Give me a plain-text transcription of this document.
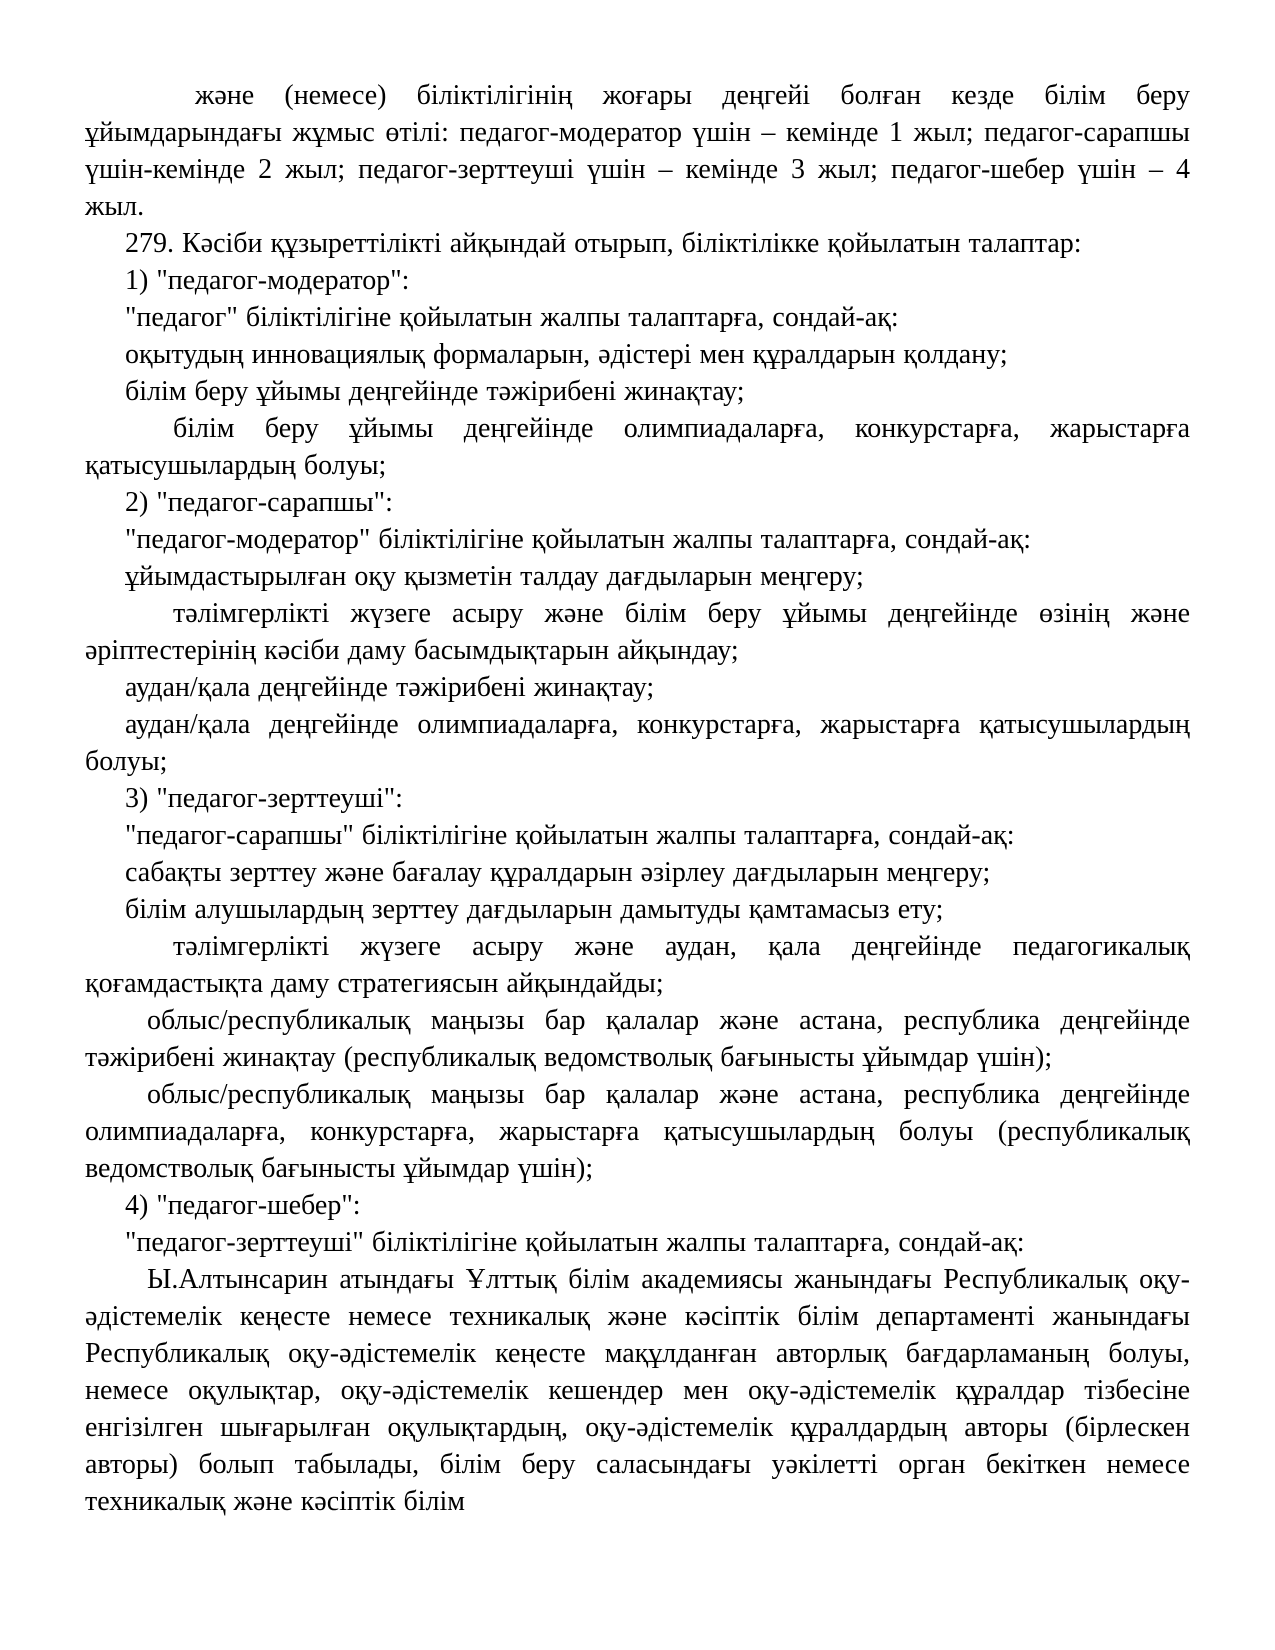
және (немесе) біліктілігінің жоғары деңгейі болған кезде білім беру ұйымдарындағы жұмыс өтілі: педагог-модератор үшін – кемінде 1 жыл; педагог-сарапшы үшін-кемінде 2 жыл; педагог-зерттеуші үшін – кемінде 3 жыл; педагог-шебер үшін – 4 жыл.

279. Кәсіби құзыреттілікті айқындай отырып, біліктілікке қойылатын талаптар:

1) "педагог-модератор":

"педагог" біліктілігіне қойылатын жалпы талаптарға, сондай-ақ:

оқытудың инновациялық формаларын, әдістері мен құралдарын қолдану;

білім беру ұйымы деңгейінде тәжірибені жинақтау;

білім беру ұйымы деңгейінде олимпиадаларға, конкурстарға, жарыстарға қатысушылардың болуы;

2) "педагог-сарапшы":

"педагог-модератор" біліктілігіне қойылатын жалпы талаптарға, сондай-ақ:

ұйымдастырылған оқу қызметін талдау дағдыларын меңгеру;

тәлімгерлікті жүзеге асыру және білім беру ұйымы деңгейінде өзінің және әріптестерінің кәсіби даму басымдықтарын айқындау;

аудан/қала деңгейінде тәжірибені жинақтау;

аудан/қала деңгейінде олимпиадаларға, конкурстарға, жарыстарға қатысушылардың болуы;

3) "педагог-зерттеуші":

"педагог-сарапшы" біліктілігіне қойылатын жалпы талаптарға, сондай-ақ:

сабақты зерттеу және бағалау құралдарын әзірлеу дағдыларын меңгеру;

білім алушылардың зерттеу дағдыларын дамытуды қамтамасыз ету;

тәлімгерлікті жүзеге асыру және аудан, қала деңгейінде педагогикалық қоғамдастықта даму стратегиясын айқындайды;

облыс/республикалық маңызы бар қалалар және астана, республика деңгейінде тәжірибені жинақтау (республикалық ведомстволық бағынысты ұйымдар үшін);

облыс/республикалық маңызы бар қалалар және астана, республика деңгейінде олимпиадаларға, конкурстарға, жарыстарға қатысушылардың болуы (республикалық ведомстволық бағынысты ұйымдар үшін);

4) "педагог-шебер":

"педагог-зерттеуші" біліктілігіне қойылатын жалпы талаптарға, сондай-ақ:

Ы.Алтынсарин атындағы Ұлттық білім академиясы жанындағы Республикалық оқу-әдістемелік кеңесте немесе техникалық және кәсіптік білім департаменті жанындағы Республикалық оқу-әдістемелік кеңесте мақұлданған авторлық бағдарламаның болуы, немесе оқулықтар, оқу-әдістемелік кешендер мен оқу-әдістемелік құралдар тізбесіне енгізілген шығарылған оқулықтардың, оқу-әдістемелік құралдардың авторы (бірлескен авторы) болып табылады, білім беру саласындағы уәкілетті орган бекіткен немесе техникалық және кәсіптік білім
